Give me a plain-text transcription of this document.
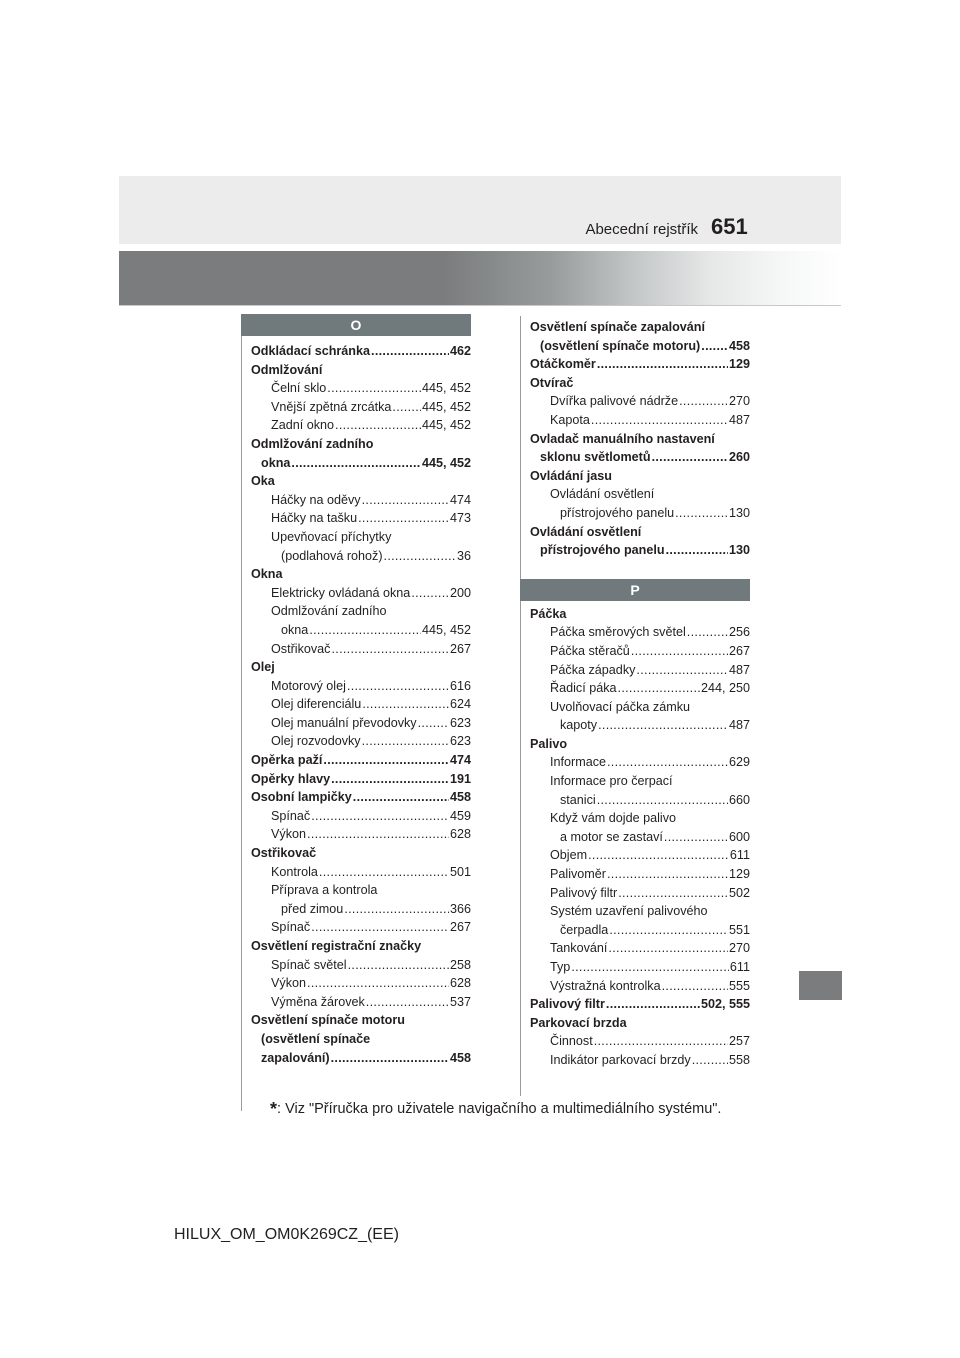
Abecední rejstřík 651
O
Odkládací schránka . . .	462
Odmlžování
Čelní sklo . . .	445, 452
Vnější zpětná zrcátka . . . 445, 452
Zadní okno . . .	445, 452
Odmlžování zadního
okna . . .	445, 452
Oka
Háčky na oděvy . . .	474
Háčky na tašku . . .	473
Upevňovací příchytky
(podlahová rohož) . . .	36
Okna
Elektricky ovládaná okna . . .	200
Odmlžování zadního
okna . . .	445, 452
Ostřikovač . . .	267
Olej
Motorový olej . . .	616
Olej diferenciálu . . .	624
Olej manuální převodovky . . .	623
Olej rozvodovky . . .	623
Opěrka paží . . .	474
Opěrky hlavy . . .	191
Osobní lampičky . . .	458
Spínač . . .	459
Výkon . . .	628
Ostřikovač
Kontrola . . .	501
Příprava a kontrola
před zimou . . .	366
Spínač . . .	267
Osvětlení registrační značky
Spínač světel . . .	258
Výkon . . .	628
Výměna žárovek . . .	537
Osvětlení spínače motoru
(osvětlení spínače
zapalování) . . .	458
Osvětlení spínače zapalování
(osvětlení spínače motoru) . . . 458
Otáčkoměr . . .	129
Otvírač
Dvířka palivové nádrže . . .	270
Kapota . . .	487
Ovladač manuálního nastavení
sklonu světlometů . . .	260
Ovládání jasu
Ovládání osvětlení
přístrojového panelu . . .	130
Ovládání osvětlení
přístrojového panelu . . .	130
P
Páčka
Páčka směrových světel . . .	256
Páčka stěračů . . .	267
Páčka západky . . .	487
Řadicí páka . . .	244, 250
Uvolňovací páčka zámku
kapoty . . .	487
Palivo
Informace . . .	629
Informace pro čerpací
stanici . . .	660
Když vám dojde palivo
a motor se zastaví . . .	600
Objem . . .	611
Palivoměr . . .	129
Palivový filtr . . .	502
Systém uzavření palivového
čerpadla . . .	551
Tankování . . .	270
Typ . . .	611
Výstražná kontrolka . . .	555
Palivový filtr . . .	502, 555
Parkovací brzda
Činnost . . .	257
Indikátor parkovací brzdy . . .	558
*: Viz "Příručka pro uživatele navigačního a multimediálního systému".
HILUX_OM_OM0K269CZ_(EE)
